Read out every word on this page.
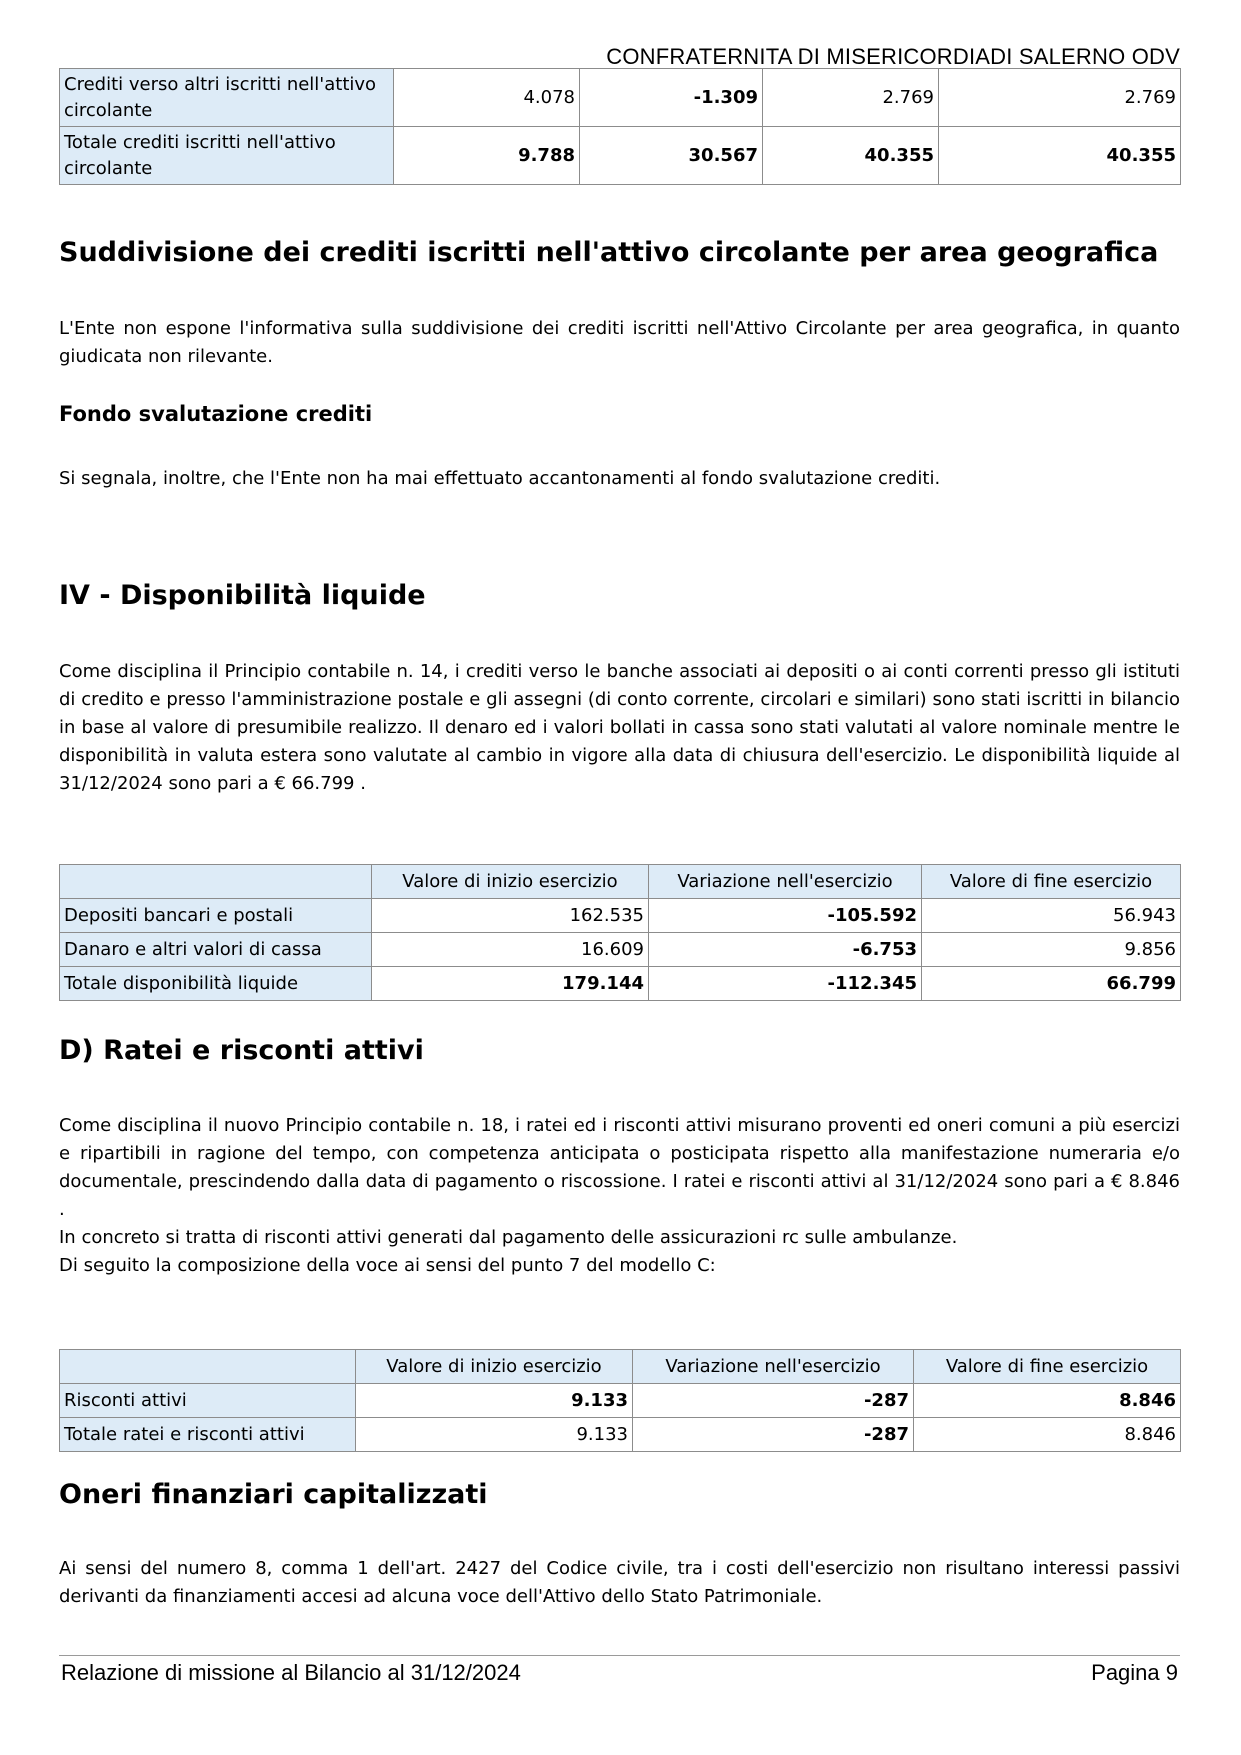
CONFRATERNITA DI MISERICORDIADI SALERNO ODV
Crediti verso altri iscritti nell'attivo circolante	4.078	-1.309	2.769	2.769
Totale crediti iscritti nell'attivo circolante	9.788	30.567	40.355	40.355
Suddivisione dei crediti iscritti nell'attivo circolante per area geografica

L'Ente non espone l'informativa sulla suddivisione dei crediti iscritti nell'Attivo Circolante per area geografica, in quanto giudicata non rilevante.

Fondo svalutazione crediti

Si segnala, inoltre, che l'Ente non ha mai effettuato accantonamenti al fondo svalutazione crediti.

IV - Disponibilità liquide

Come disciplina il Principio contabile n. 14, i crediti verso le banche associati ai depositi o ai conti correnti presso gli istituti di credito e presso l'amministrazione postale e gli assegni (di conto corrente, circolari e similari) sono stati iscritti in bilancio in base al valore di presumibile realizzo. Il denaro ed i valori bollati in cassa sono stati valutati al valore nominale mentre le disponibilità in valuta estera sono valutate al cambio in vigore alla data di chiusura dell'esercizio. Le disponibilità liquide al 31/12/2024 sono pari a € 66.799 .

	Valore di inizio esercizio	Variazione nell'esercizio	Valore di fine esercizio
Depositi bancari e postali	162.535	-105.592	56.943
Danaro e altri valori di cassa	16.609	-6.753	9.856
Totale disponibilità liquide	179.144	-112.345	66.799
D) Ratei e risconti attivi

Come disciplina il nuovo Principio contabile n. 18, i ratei ed i risconti attivi misurano proventi ed oneri comuni a più esercizi e ripartibili in ragione del tempo, con competenza anticipata o posticipata rispetto alla manifestazione numeraria e/o documentale, prescindendo dalla data di pagamento o riscossione. I ratei e risconti attivi al 31/12/2024 sono pari a € 8.846 .

In concreto si tratta di risconti attivi generati dal pagamento delle assicurazioni rc sulle ambulanze.

Di seguito la composizione della voce ai sensi del punto 7 del modello C:

	Valore di inizio esercizio	Variazione nell'esercizio	Valore di fine esercizio
Risconti attivi	9.133	-287	8.846
Totale ratei e risconti attivi	9.133	-287	8.846
Oneri finanziari capitalizzati

Ai sensi del numero 8, comma 1 dell'art. 2427 del Codice civile, tra i costi dell'esercizio non risultano interessi passivi derivanti da finanziamenti accesi ad alcuna voce dell'Attivo dello Stato Patrimoniale.

Relazione di missione al Bilancio al 31/12/2024	Pagina 9
